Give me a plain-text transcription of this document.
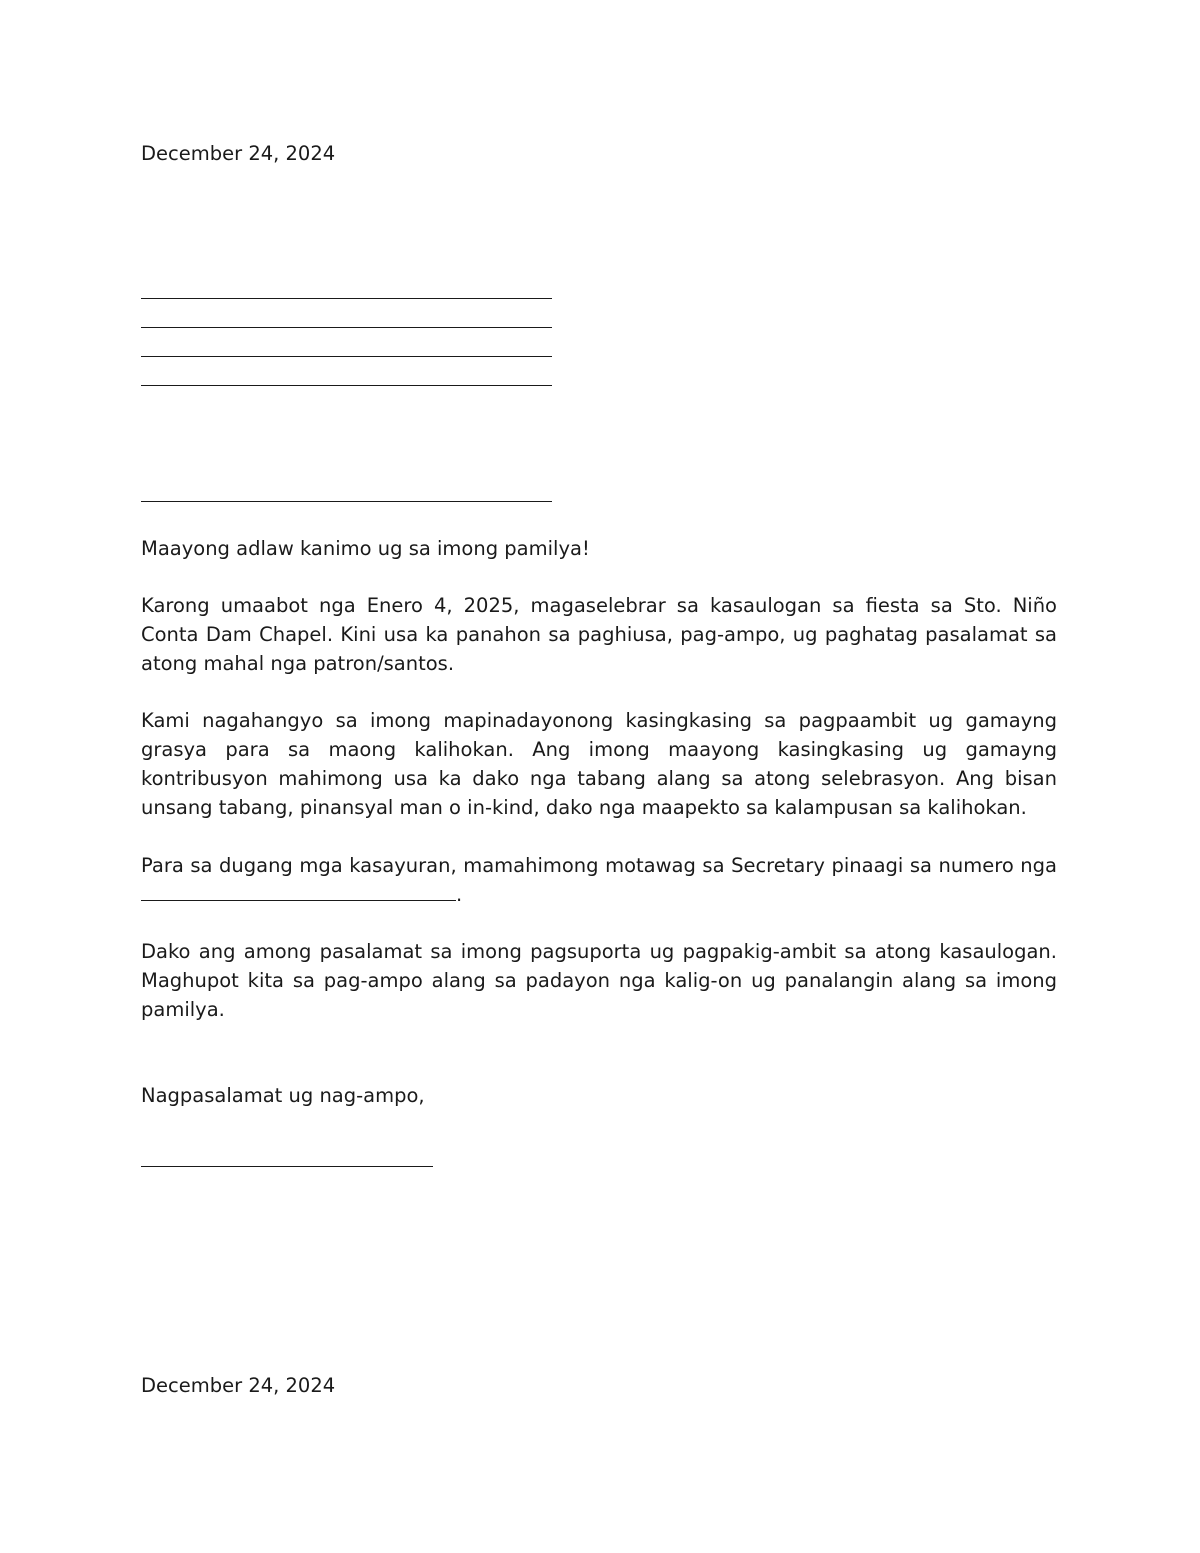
December 24, 2024

Maayong adlaw kanimo ug sa imong pamilya!

Karong umaabot nga Enero 4, 2025, magaselebrar sa kasaulogan sa fiesta sa Sto. Niño Conta Dam Chapel. Kini usa ka panahon sa paghiusa, pag-ampo, ug paghatag pasalamat sa atong mahal nga patron/santos.

Kami nagahangyo sa imong mapinadayonong kasingkasing sa pagpaambit ug gamayng grasya para sa maong kalihokan. Ang imong maayong kasingkasing ug gamayng kontribusyon mahimong usa ka dako nga tabang alang sa atong selebrasyon. Ang bisan unsang tabang, pinansyal man o in-kind, dako nga maapekto sa kalampusan sa kalihokan.

Para sa dugang mga kasayuran, mamahimong motawag sa Secretary pinaagi sa numero nga .

Dako ang among pasalamat sa imong pagsuporta ug pagpakig-ambit sa atong kasaulogan. Maghupot kita sa pag-ampo alang sa padayon nga kalig-on ug panalangin alang sa imong pamilya.

Nagpasalamat ug nag-ampo,
December 24, 2024
